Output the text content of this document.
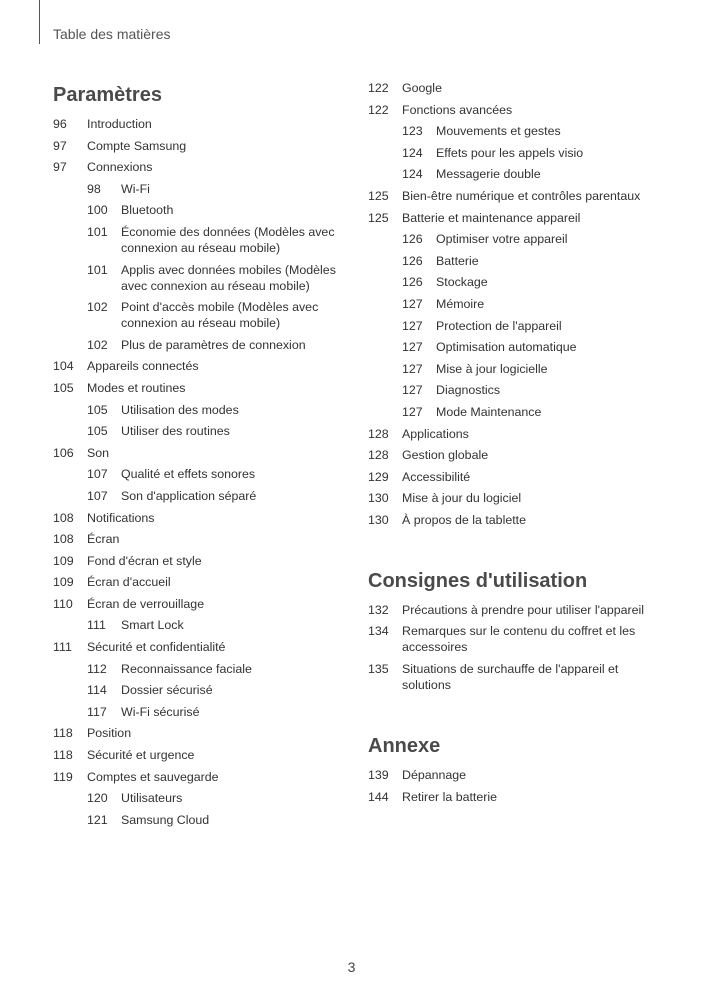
Table des matières
Paramètres
96	Introduction
97	Compte Samsung
97	Connexions
98	Wi-Fi
100	Bluetooth
101	Économie des données (Modèles avec connexion au réseau mobile)
101	Applis avec données mobiles (Modèles avec connexion au réseau mobile)
102	Point d'accès mobile (Modèles avec connexion au réseau mobile)
102	Plus de paramètres de connexion
104	Appareils connectés
105	Modes et routines
105	Utilisation des modes
105	Utiliser des routines
106	Son
107	Qualité et effets sonores
107	Son d'application séparé
108	Notifications
108	Écran
109	Fond d'écran et style
109	Écran d'accueil
110	Écran de verrouillage
111	Smart Lock
111	Sécurité et confidentialité
112	Reconnaissance faciale
114	Dossier sécurisé
117	Wi-Fi sécurisé
118	Position
118	Sécurité et urgence
119	Comptes et sauvegarde
120	Utilisateurs
121	Samsung Cloud
122	Google
122	Fonctions avancées
123	Mouvements et gestes
124	Effets pour les appels visio
124	Messagerie double
125	Bien-être numérique et contrôles parentaux
125	Batterie et maintenance appareil
126	Optimiser votre appareil
126	Batterie
126	Stockage
127	Mémoire
127	Protection de l'appareil
127	Optimisation automatique
127	Mise à jour logicielle
127	Diagnostics
127	Mode Maintenance
128	Applications
128	Gestion globale
129	Accessibilité
130	Mise à jour du logiciel
130	À propos de la tablette
Consignes d'utilisation
132	Précautions à prendre pour utiliser l'appareil
134	Remarques sur le contenu du coffret et les accessoires
135	Situations de surchauffe de l'appareil et solutions
Annexe
139	Dépannage
144	Retirer la batterie
3
